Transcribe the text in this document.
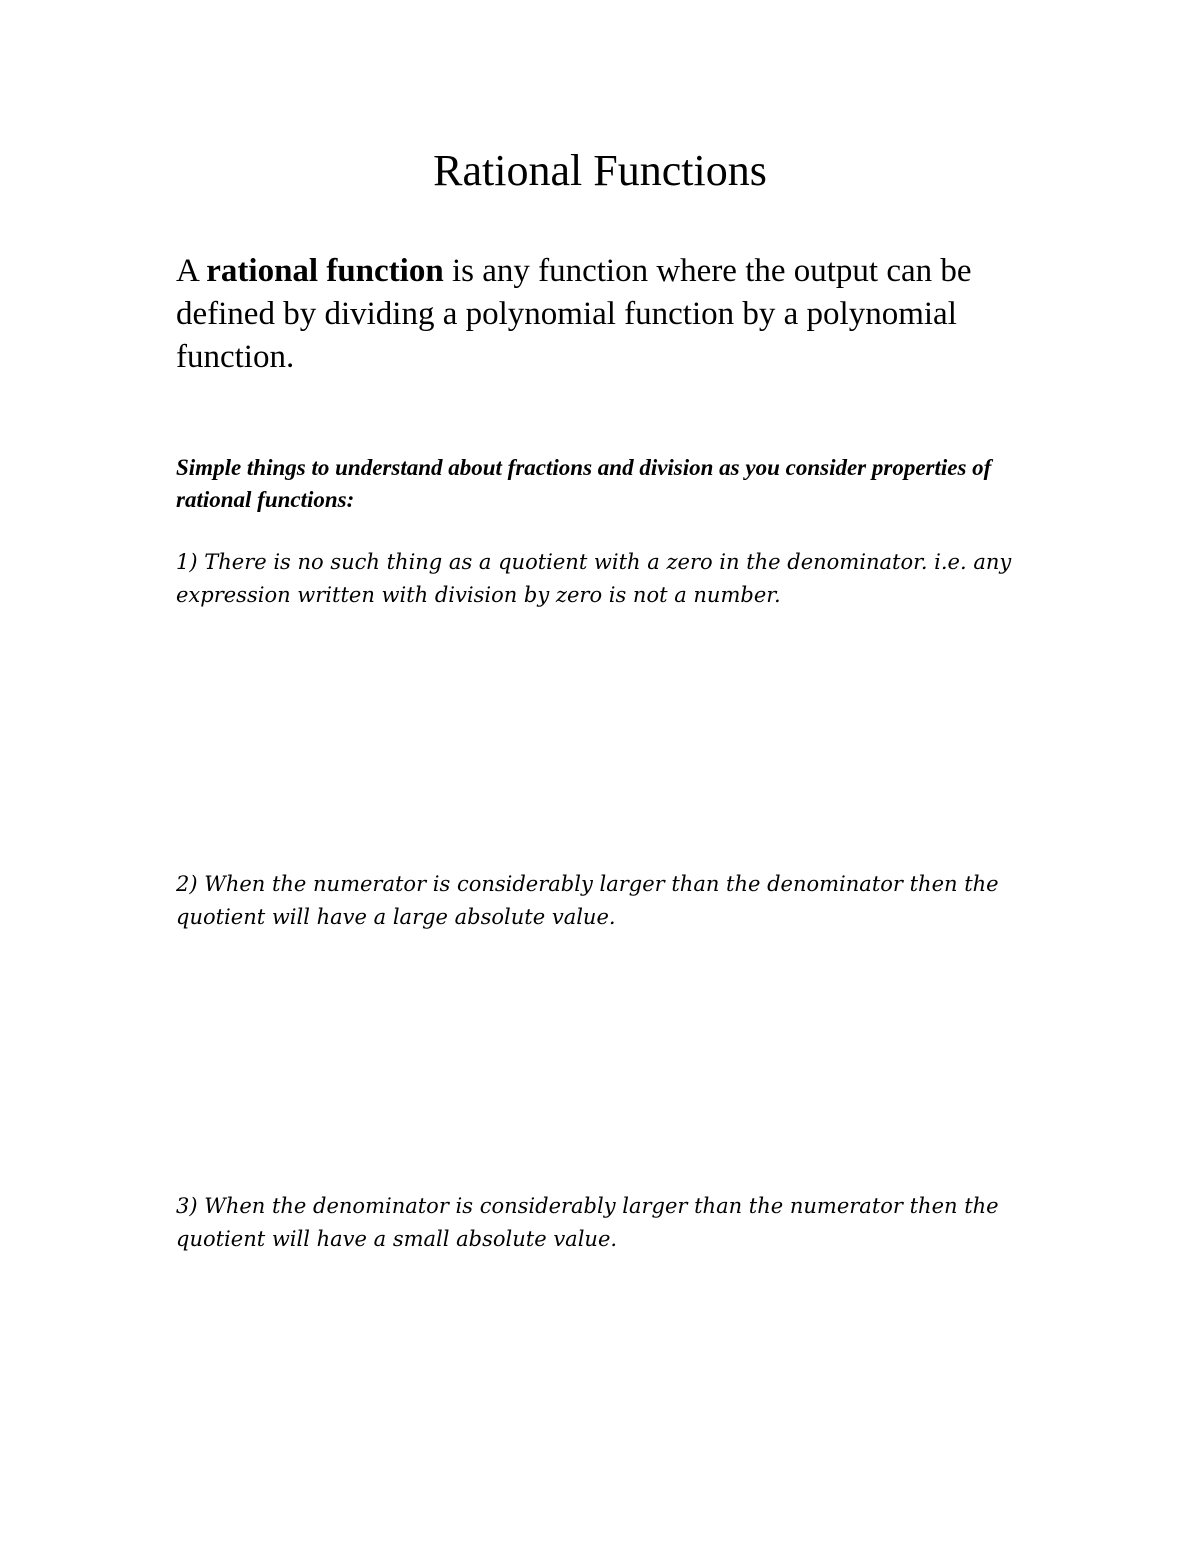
Rational Functions

A rational function is any function where the output can be defined by dividing a polynomial function by a polynomial function.

Simple things to understand about fractions and division as you consider properties of rational functions:

1) There is no such thing as a quotient with a zero in the denominator. i.e. any expression written with division by zero is not a number.

2) When the numerator is considerably larger than the denominator then the quotient will have a large absolute value.

3) When the denominator is considerably larger than the numerator then the quotient will have a small absolute value.
